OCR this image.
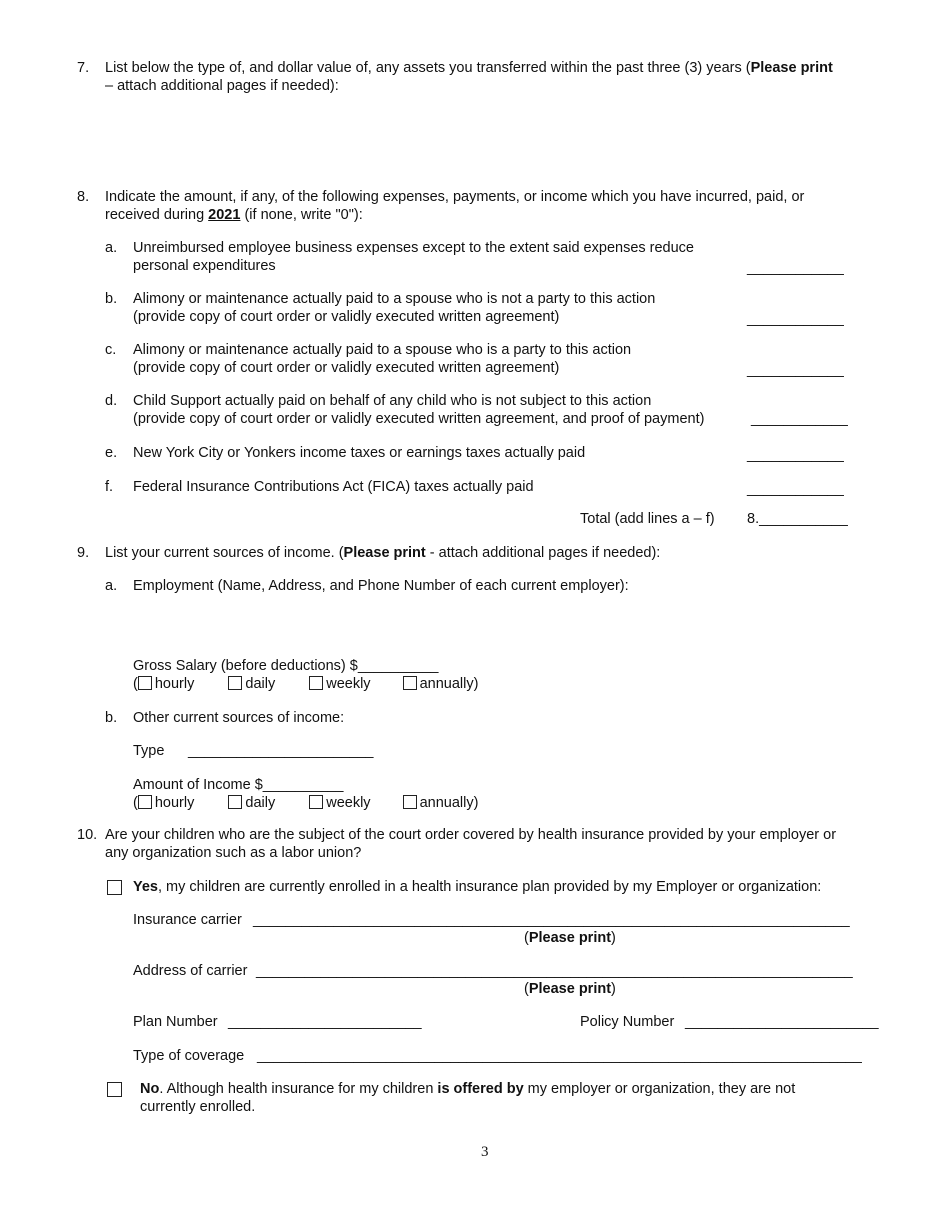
7. List below the type of, and dollar value of, any assets you transferred within the past three (3) years (Please print
– attach additional pages if needed):
8. Indicate the amount, if any, of the following expenses, payments, or income which you have incurred, paid, or
received during 2021 (if none, write "0"):
a. Unreimbursed employee business expenses except to the extent said expenses reduce
personal expenditures	____________
b. Alimony or maintenance actually paid to a spouse who is not a party to this action
(provide copy of court order or validly executed written agreement)	____________
c. Alimony or maintenance actually paid to a spouse who is a party to this action
(provide copy of court order or validly executed written agreement)	____________
d. Child Support actually paid on behalf of any child who is not subject to this action
(provide copy of court order or validly executed written agreement, and proof of payment)	____________
e. New York City or Yonkers income taxes or earnings taxes actually paid	____________
f. Federal Insurance Contributions Act (FICA) taxes actually paid	____________
Total (add lines a – f) 8.___________
9. List your current sources of income. (Please print - attach additional pages if needed):
a. Employment (Name, Address, and Phone Number of each current employer):
Gross Salary (before deductions) $__________
( hourly	daily	weekly	annually)
b. Other current sources of income:
Type _______________________
Amount of Income $__________
( hourly	daily	weekly	annually)
10. Are your children who are the subject of the court order covered by health insurance provided by your employer or
any organization such as a labor union?
Yes, my children are currently enrolled in a health insurance plan provided by my Employer or organization:
Insurance carrier __________________________________________________________________________
(Please print)
Address of carrier __________________________________________________________________________
(Please print)
Plan Number ________________________	Policy Number ________________________
Type of coverage ___________________________________________________________________________
No. Although health insurance for my children is offered by my employer or organization, they are not
currently enrolled.
3
